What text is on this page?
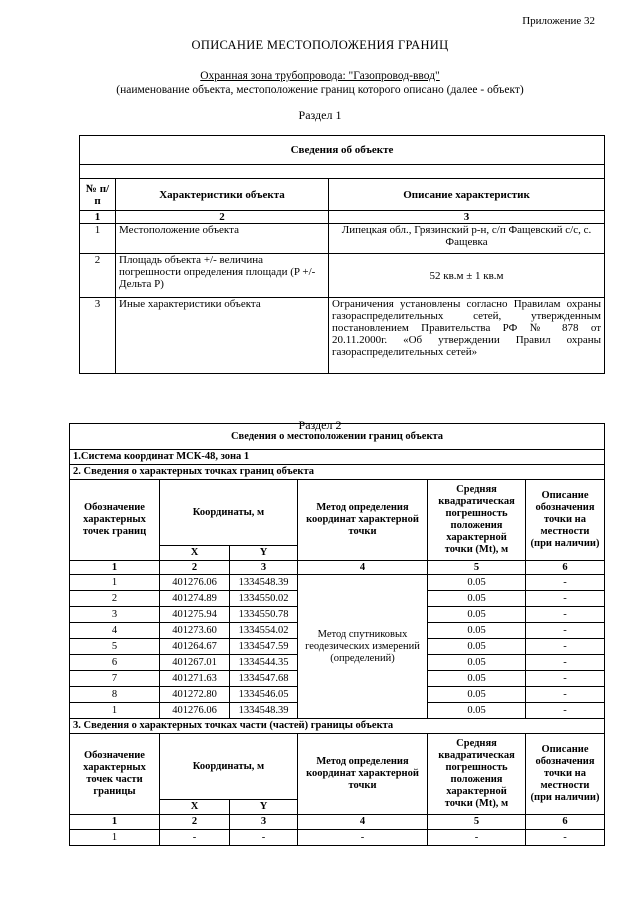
Приложение 32
ОПИСАНИЕ МЕСТОПОЛОЖЕНИЯ ГРАНИЦ
Охранная зона трубопровода: "Газопровод-ввод"
(наименование объекта, местоположение границ которого описано (далее - объект)
Раздел 1
Сведения об объекте		

№ п/п	Характеристики объекта	Описание характеристик
1	2	3
1	Местоположение объекта	Липецкая обл., Грязинский р-н, с/п Фащевский с/с, с. Фащевка
2	Площадь объекта +/- величина погрешности определения площади (P +/- Дельта P)	52 кв.м ± 1 кв.м
3	Иные характеристики объекта	Ограничения установлены согласно Правилам охраны газораспределительных сетей, утвержденным постановлением Правительства РФ № 878 от 20.11.2000г. «Об утверждении Правил охраны газораспределительных сетей»
Раздел 2
Сведения о местоположении границ объекта					
1.Система координат МСК-48, зона 1					
2. Сведения о характерных точках границ объекта					
Обозначение характерных точек границ	Координаты, м		Метод определения координат характерной точки	Средняя квадратическая погрешность положения характерной точки (Mt), м	Описание обозначения точки на местности (при наличии)
	X	Y			
1	2	3	4	5	6
1	401276.06	1334548.39	Метод спутниковых геодезических измерений (определений)	0.05	-
2	401274.89	1334550.02		0.05	-
3	401275.94	1334550.78		0.05	-
4	401273.60	1334554.02		0.05	-
5	401264.67	1334547.59		0.05	-
6	401267.01	1334544.35		0.05	-
7	401271.63	1334547.68		0.05	-
8	401272.80	1334546.05		0.05	-
1	401276.06	1334548.39		0.05	-
3. Сведения о характерных точках части (частей) границы объекта					
Обозначение характерных точек части границы	Координаты, м		Метод определения координат характерной точки	Средняя квадратическая погрешность положения характерной точки (Mt), м	Описание обозначения точки на местности (при наличии)
	X	Y			
1	2	3	4	5	6
1	-	-	-	-	-
